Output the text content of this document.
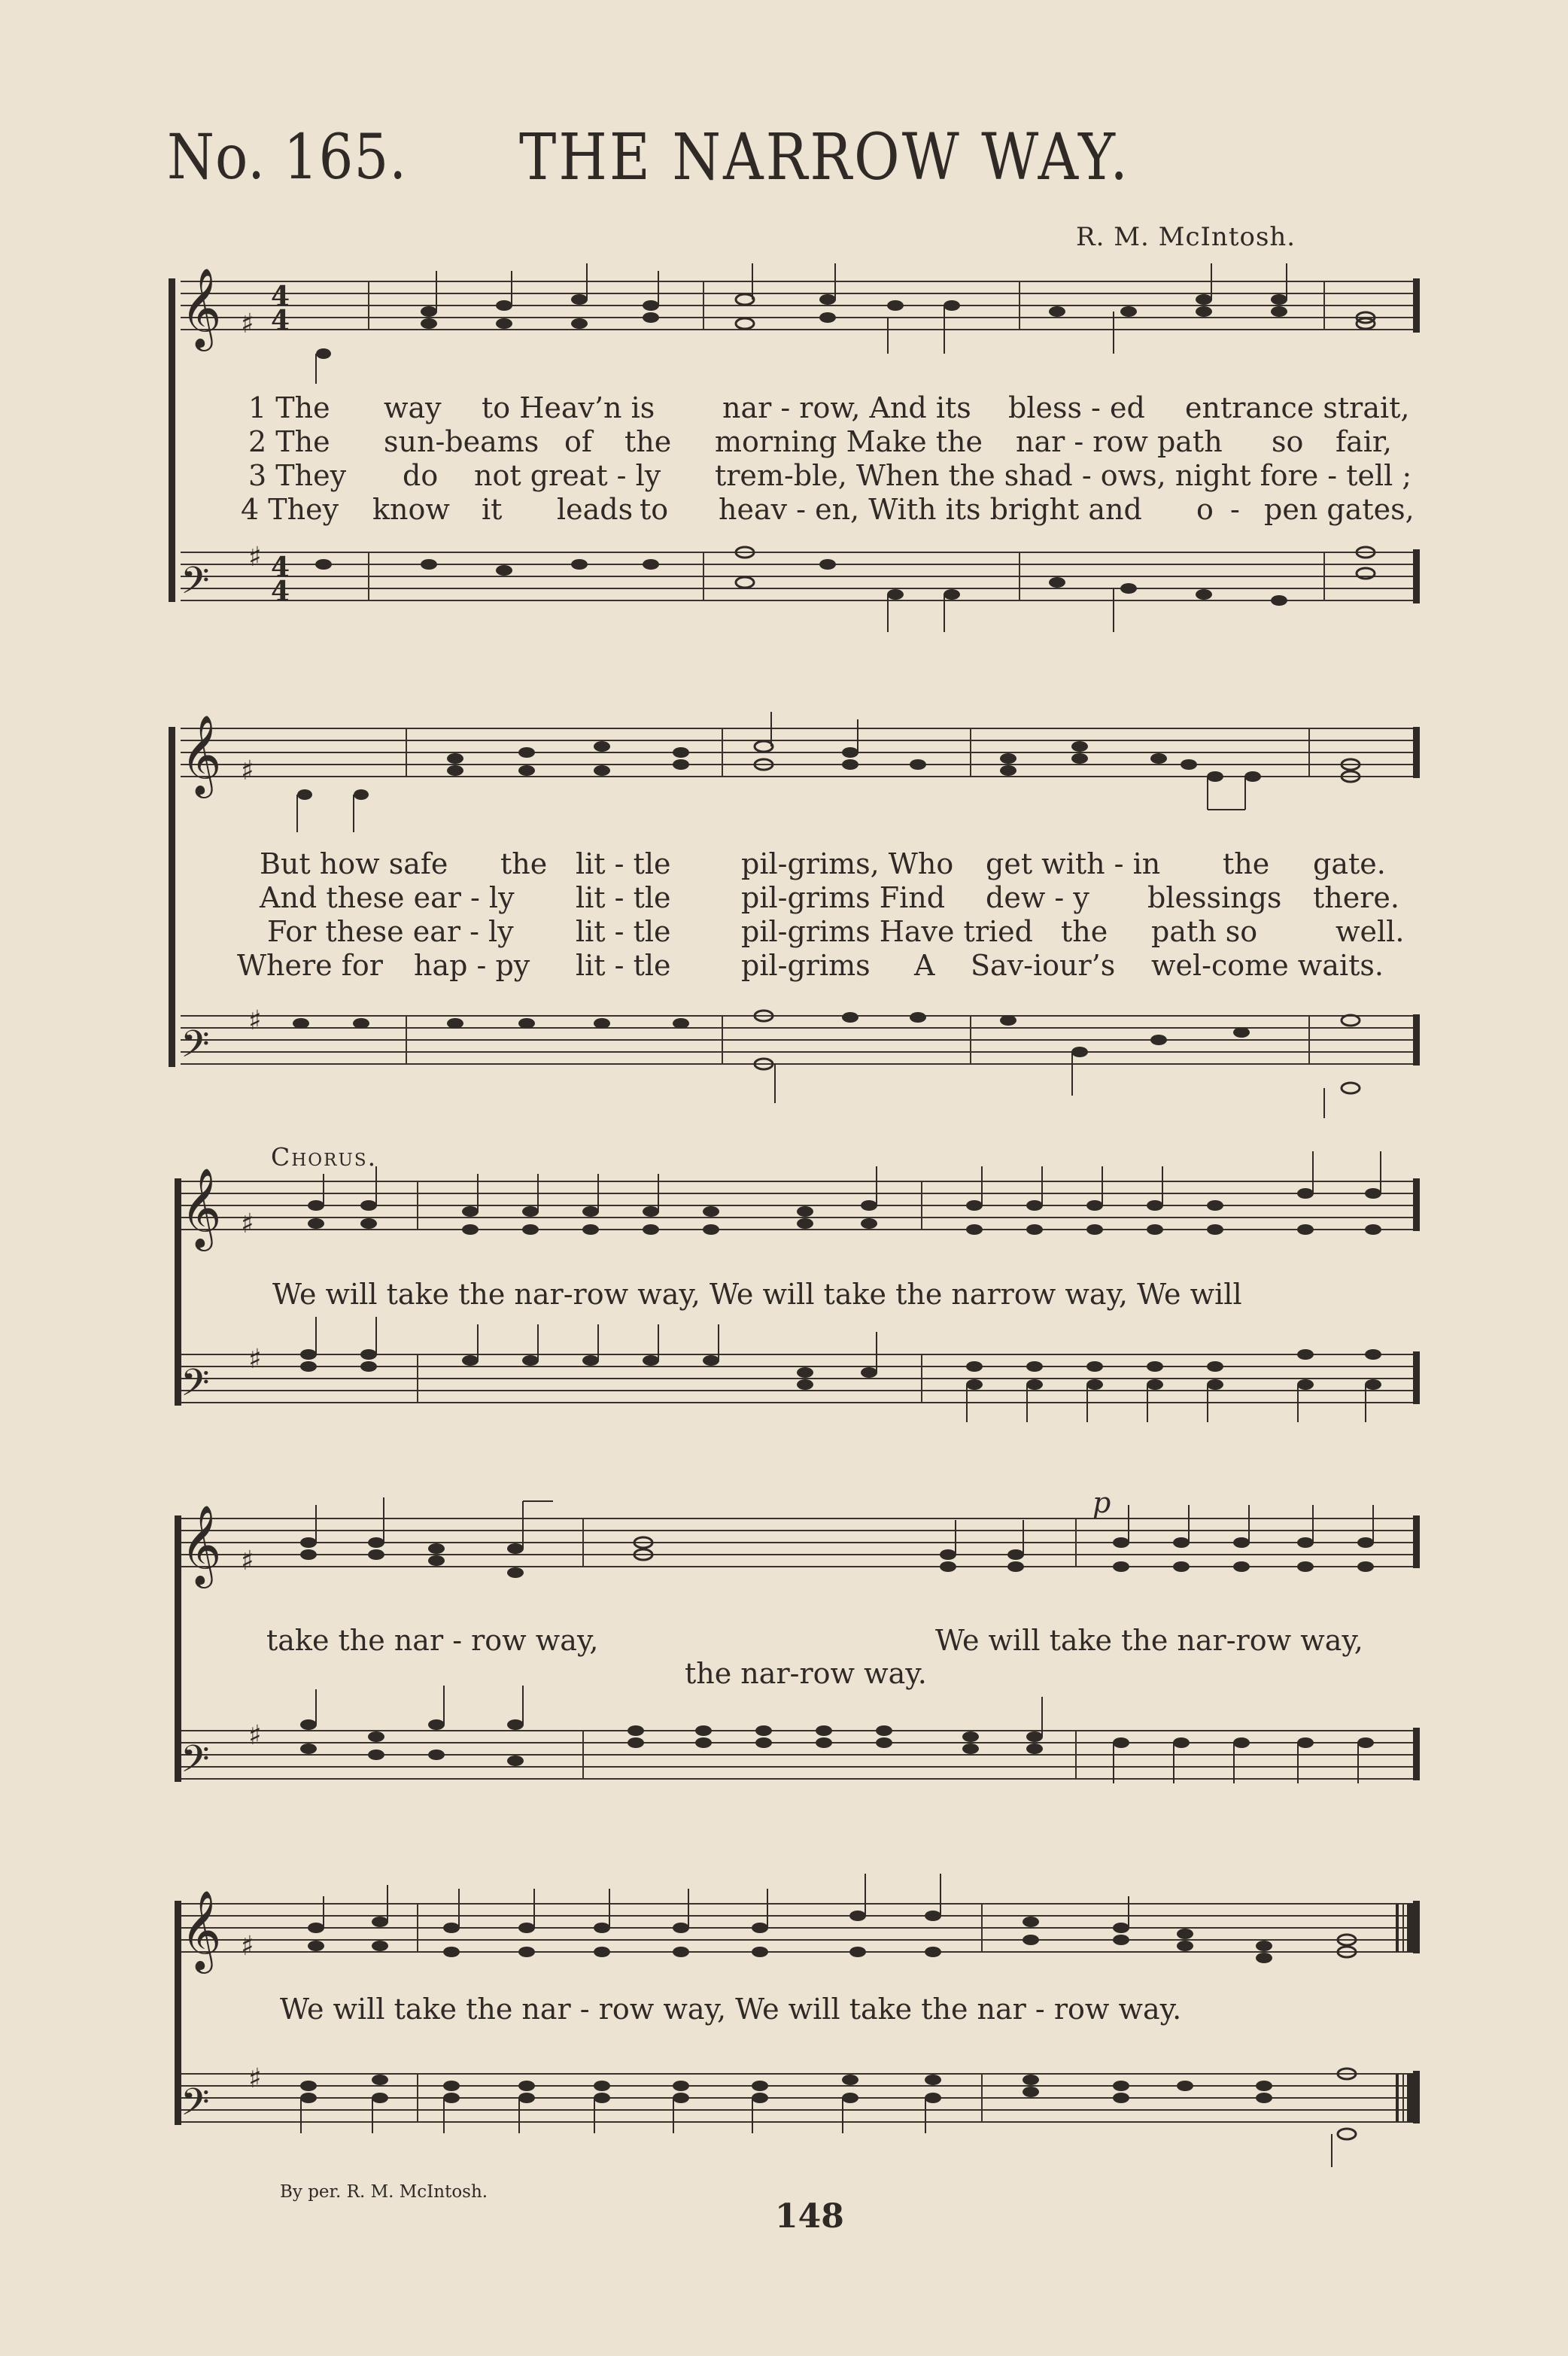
No. 165. THE NARROW WAY.
R. M. McIntosh.
𝄞
𝄢
4
4
4
4
♯
♯
1 The way to Heav’n is nar - row, And its bless - ed entrance strait,
2 The sun-beams of the morning Make the nar - row path so fair,
3 They do not great - ly trem-ble, When the shad - ows, night fore - tell ;
4 They know it leads to heav - en, With its bright and o - pen gates,
𝄞
𝄢
♯
♯
But how safe the lit - tle pil-grims, Who get with - in the gate.
And these ear - ly lit - tle pil-grims Find dew - y blessings there.
For these ear - ly lit - tle pil-grims Have tried the path so	well.
Where for hap - py lit - tle pil-grims A Sav-iour’s wel-come waits.
Chorus.
𝄞
𝄢
♯
♯
We will take the nar-row way, We will take the narrow way, We will
𝄞
𝄢
♯
♯
p
take the nar - row way,	We will take the nar-row way,
the nar-row way.
𝄞
𝄢
♯
♯
We will take the nar - row way, We will take the nar - row way.
By per. R. M. McIntosh.
148
